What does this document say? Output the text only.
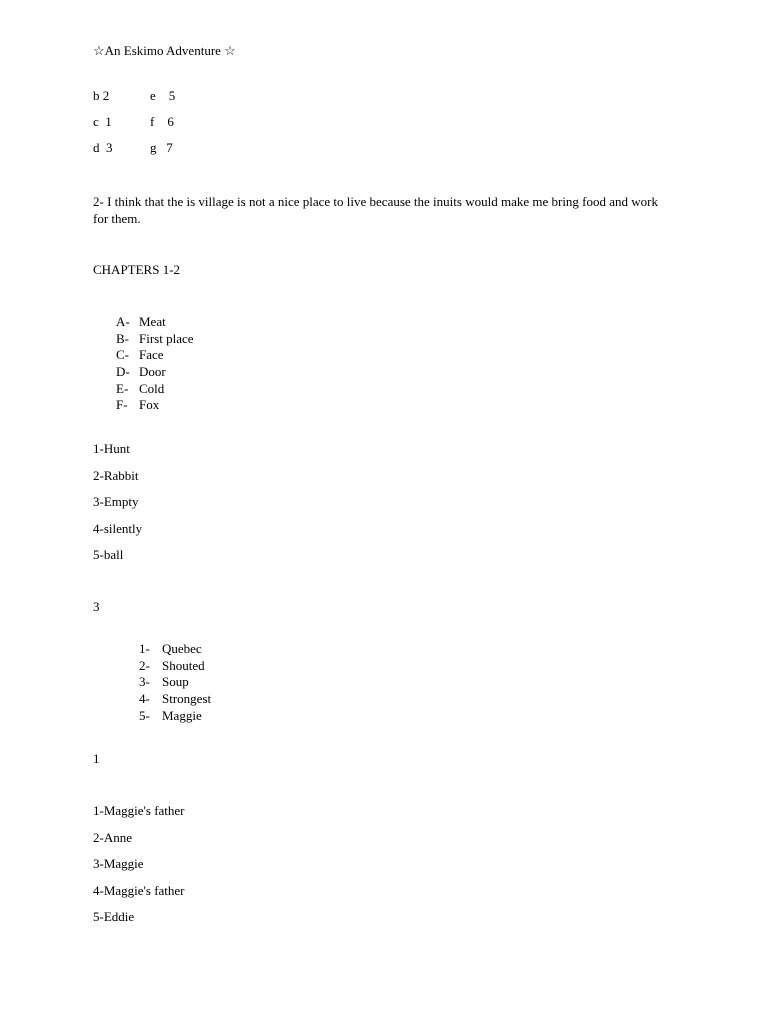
☆An Eskimo Adventure ☆
b 2	e    5
c  1	f    6
d  3	g   7
2- I think that the is village is not a nice place to live because the inuits would make me bring food and work for them.
CHAPTERS 1-2
A- Meat
B- First place
C- Face
D- Door
E- Cold
F- Fox
1-Hunt
2-Rabbit
3-Empty
4-silently
5-ball
3
1- Quebec
2- Shouted
3- Soup
4- Strongest
5- Maggie
1
1-Maggie's father
2-Anne
3-Maggie
4-Maggie's father
5-Eddie
